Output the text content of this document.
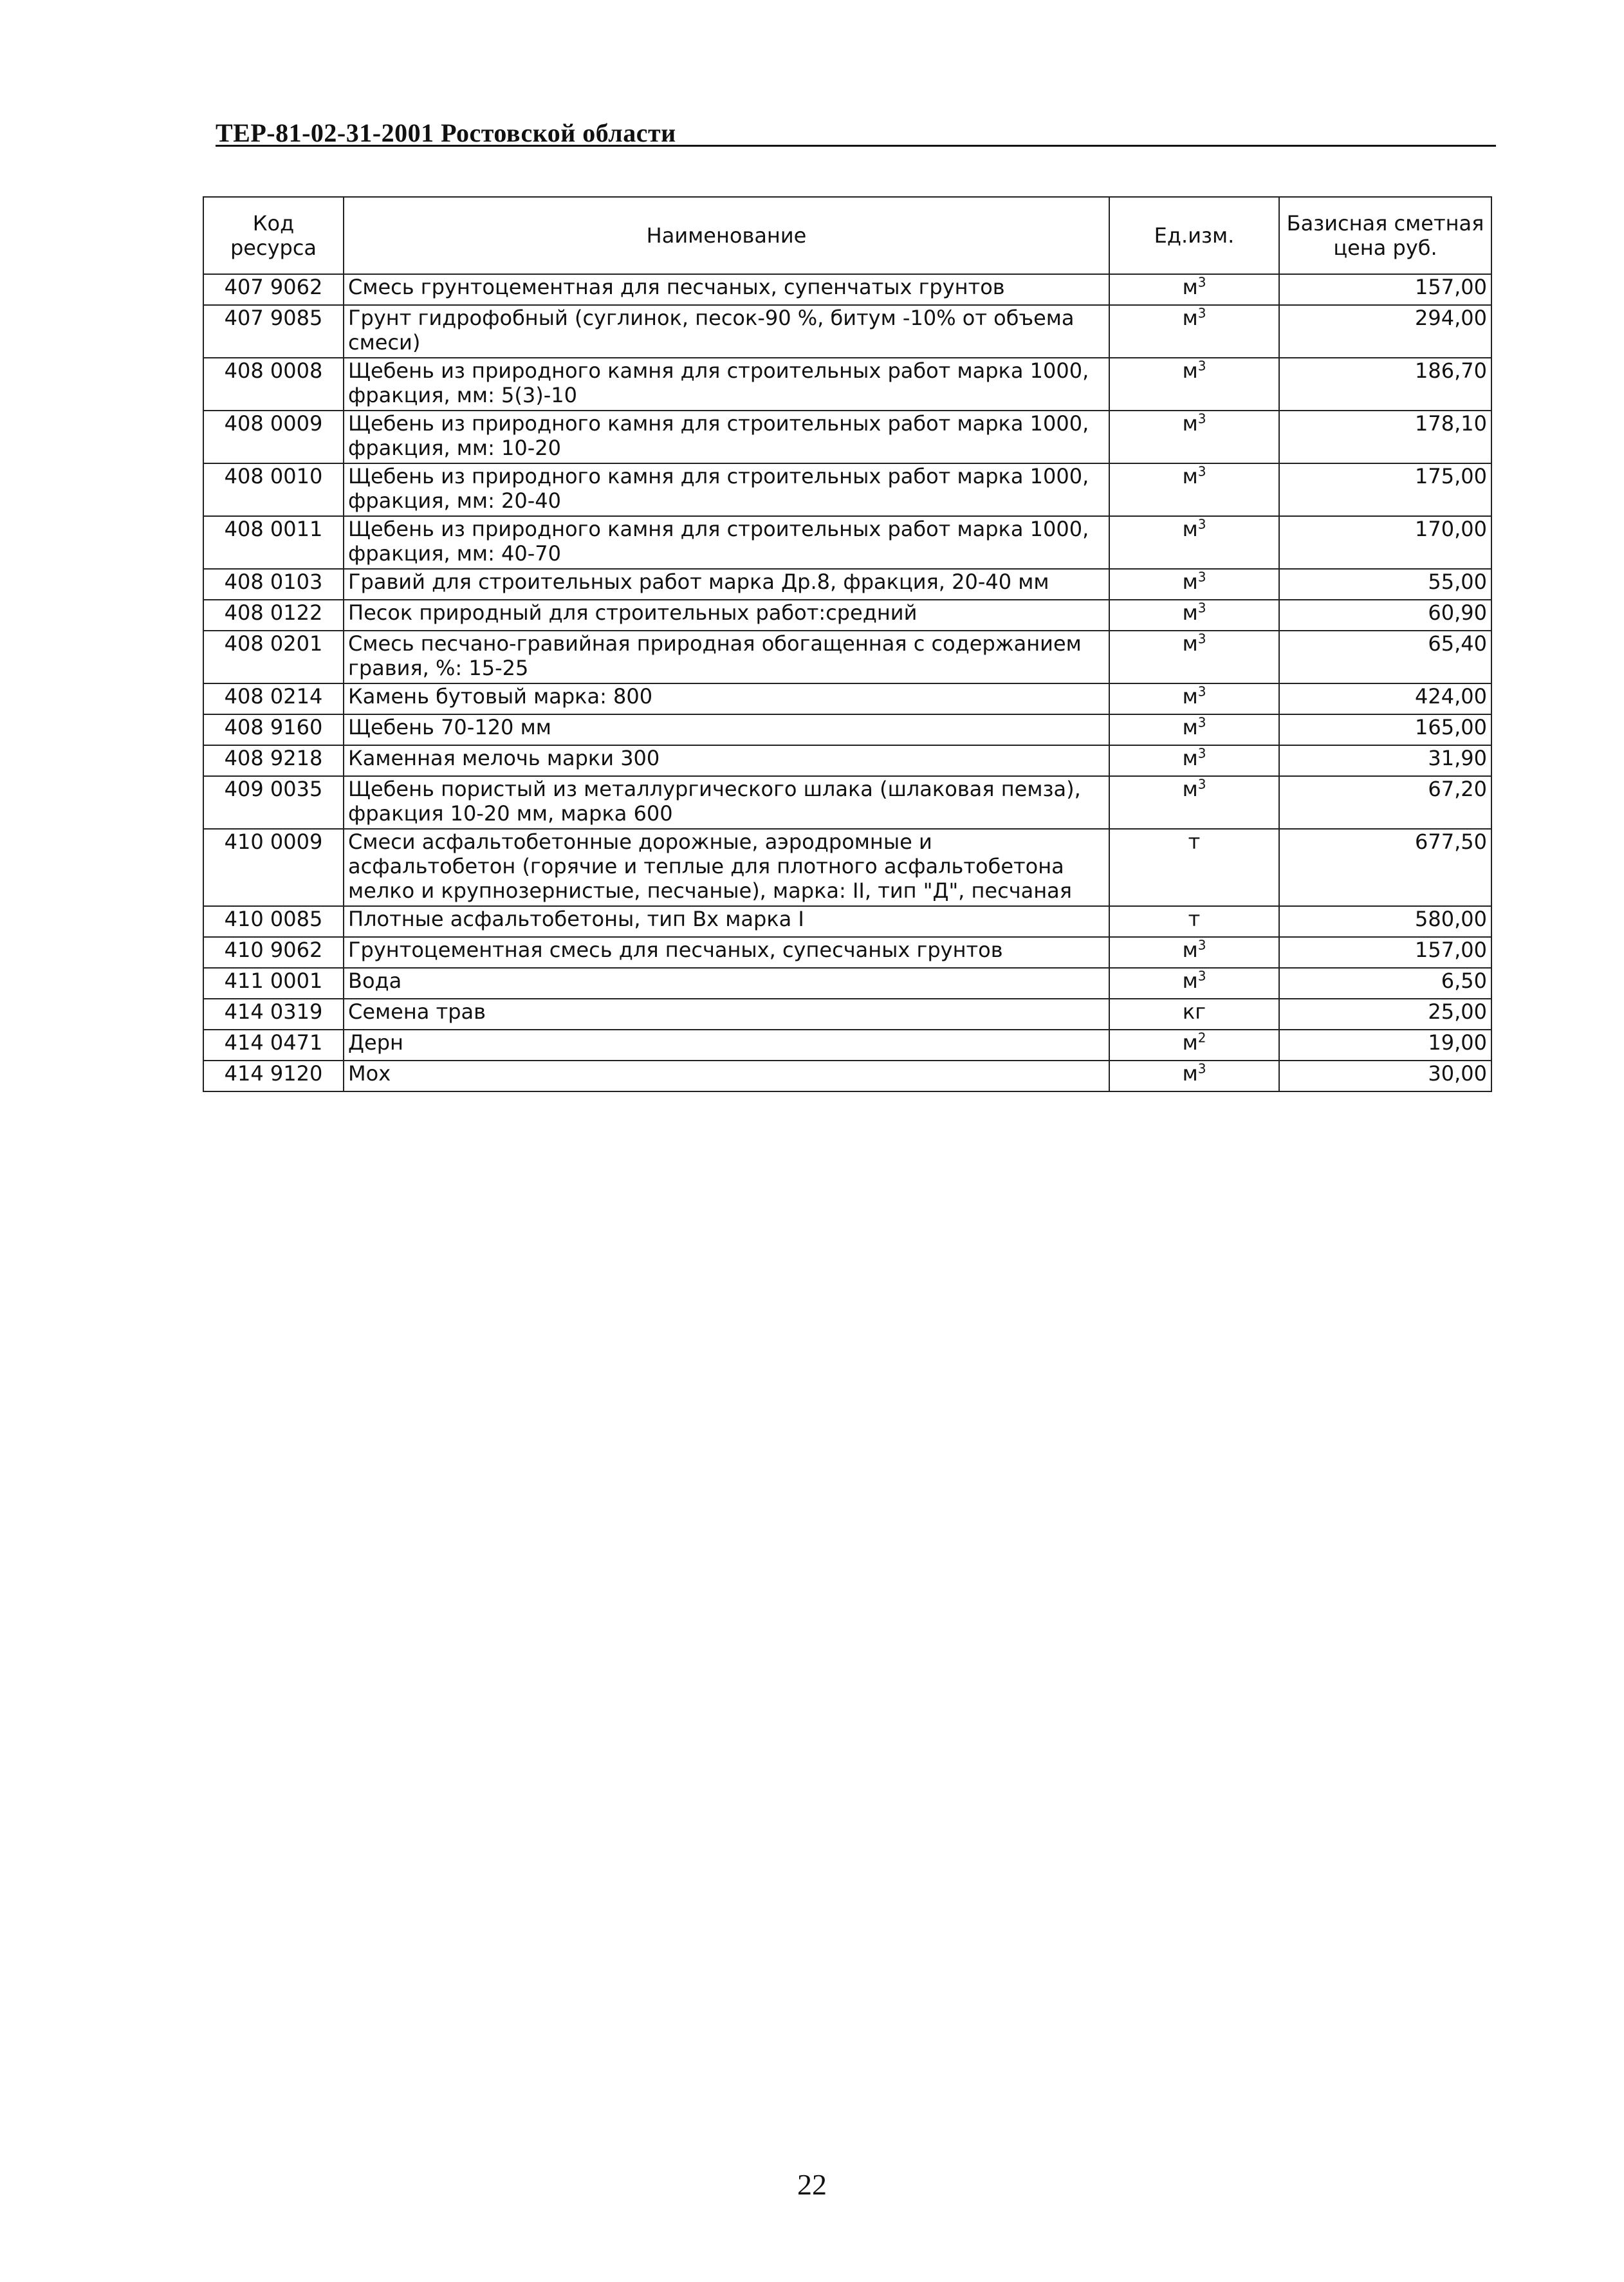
ТЕР-81-02-31-2001 Ростовской области
Код ресурса	Наименование	Ед.изм.	Базисная сметная цена руб.
407 9062	Смесь грунтоцементная для песчаных, супенчатых грунтов	$м^3$	157,00
407 9085	Грунт гидрофобный (суглинок, песок-90 %, битум -10% от объема смеси)	$м^3$	294,00
408 0008	Щебень из природного камня для строительных работ марка 1000, фракция, мм: 5(3)-10	$м^3$	186,70
408 0009	Щебень из природного камня для строительных работ марка 1000, фракция, мм: 10-20	$м^3$	178,10
408 0010	Щебень из природного камня для строительных работ марка 1000, фракция, мм: 20-40	$м^3$	175,00
408 0011	Щебень из природного камня для строительных работ марка 1000, фракция, мм: 40-70	$м^3$	170,00
408 0103	Гравий для строительных работ марка Др.8, фракция, 20-40 мм	$м^3$	55,00
408 0122	Песок природный для строительных работ:средний	$м^3$	60,90
408 0201	Смесь песчано-гравийная природная обогащенная с содержанием гравия, %: 15-25	$м^3$	65,40
408 0214	Камень бутовый марка: 800	$м^3$	424,00
408 9160	Щебень 70-120 мм	$м^3$	165,00
408 9218	Каменная мелочь марки 300	$м^3$	31,90
409 0035	Щебень пористый из металлургического шлака (шлаковая пемза), фракция 10-20 мм, марка 600	$м^3$	67,20
410 0009	Смеси асфальтобетонные дорожные, аэродромные и асфальтобетон (горячие и теплые для плотного асфальтобетона мелко и крупнозернистые, песчаные), марка: II, тип "Д", песчаная	т	677,50
410 0085	Плотные асфальтобетоны, тип Вх марка I	т	580,00
410 9062	Грунтоцементная смесь для песчаных, супесчаных грунтов	$м^3$	157,00
411 0001	Вода	$м^3$	6,50
414 0319	Семена трав	кг	25,00
414 0471	Дерн	$м^2$	19,00
414 9120	Мох	$м^3$	30,00
22
